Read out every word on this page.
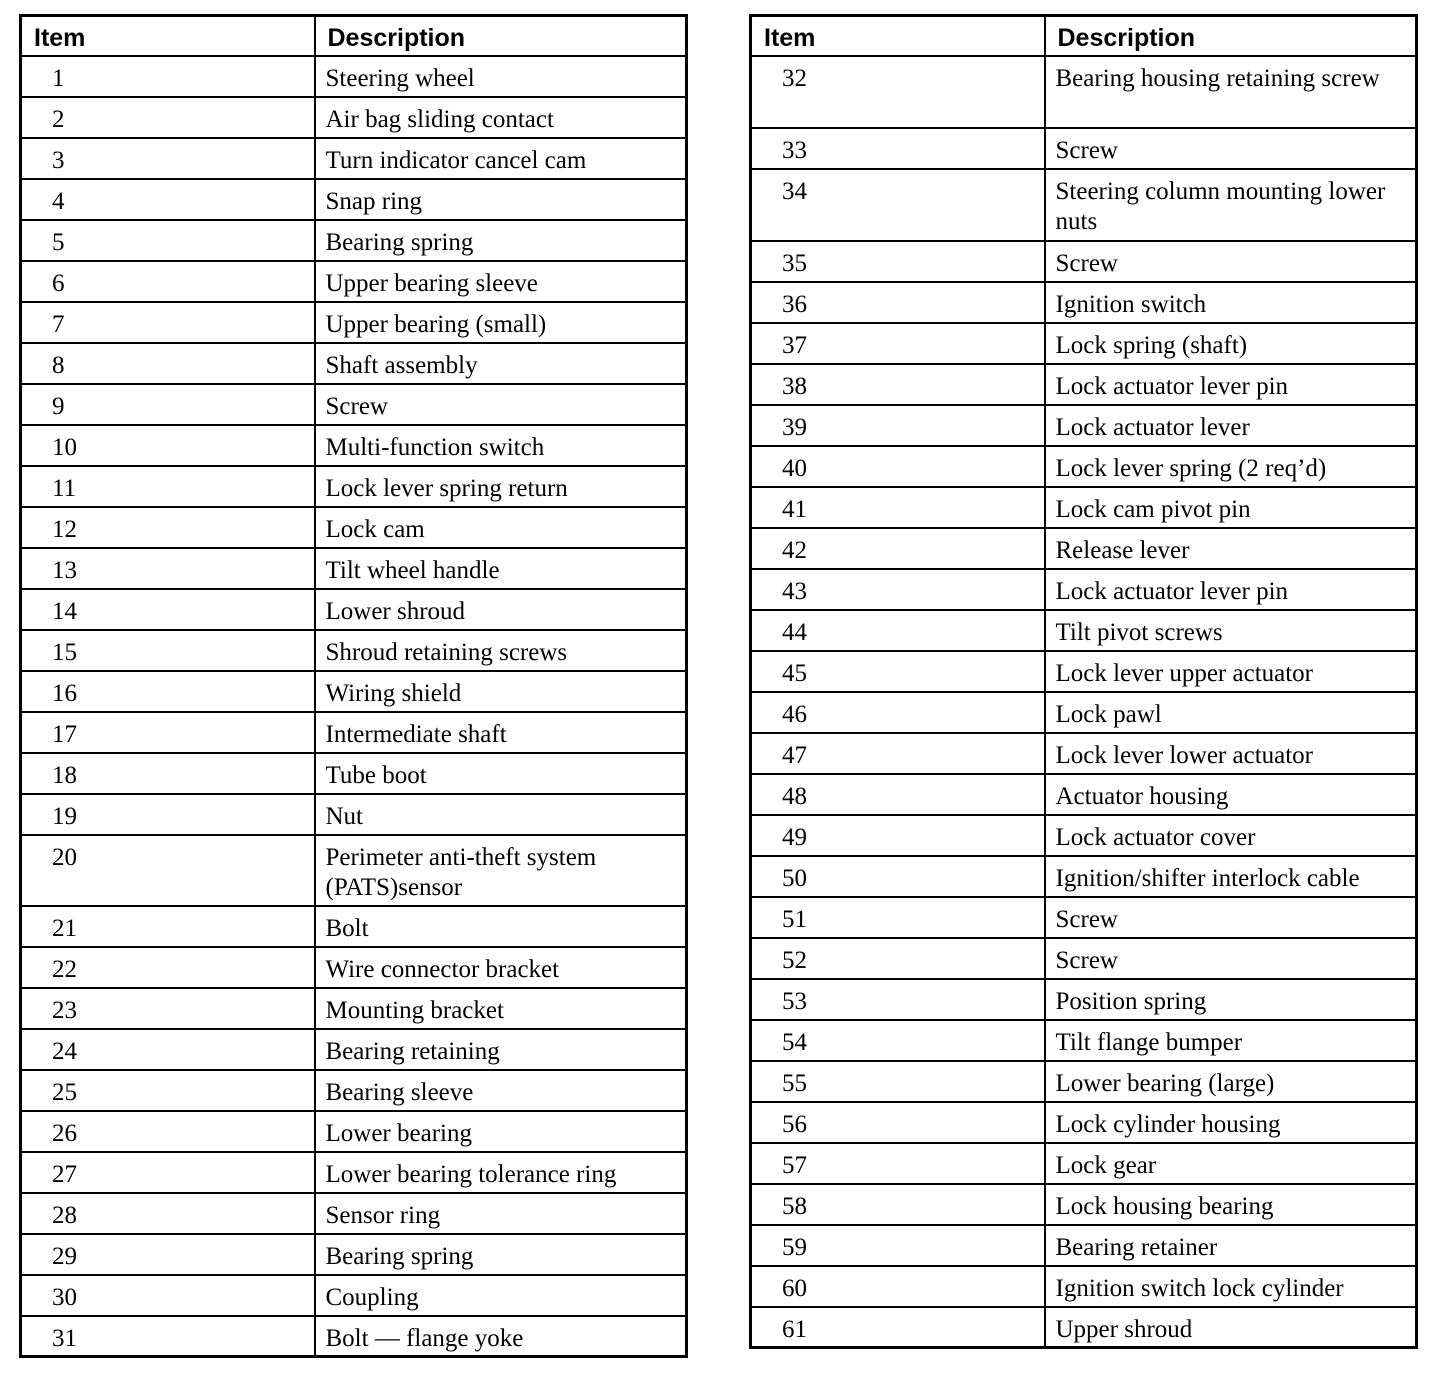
Item	Description
1	Steering wheel
2	Air bag sliding contact
3	Turn indicator cancel cam
4	Snap ring
5	Bearing spring
6	Upper bearing sleeve
7	Upper bearing (small)
8	Shaft assembly
9	Screw
10	Multi-function switch
11	Lock lever spring return
12	Lock cam
13	Tilt wheel handle
14	Lower shroud
15	Shroud retaining screws
16	Wiring shield
17	Intermediate shaft
18	Tube boot
19	Nut
20	Perimeter anti-theft system (PATS)sensor
21	Bolt
22	Wire connector bracket
23	Mounting bracket
24	Bearing retaining
25	Bearing sleeve
26	Lower bearing
27	Lower bearing tolerance ring
28	Sensor ring
29	Bearing spring
30	Coupling
31	Bolt — flange yoke
Item	Description
32	Bearing housing retaining screw
33	Screw
34	Steering column mounting lower nuts
35	Screw
36	Ignition switch
37	Lock spring (shaft)
38	Lock actuator lever pin
39	Lock actuator lever
40	Lock lever spring (2 req’d)
41	Lock cam pivot pin
42	Release lever
43	Lock actuator lever pin
44	Tilt pivot screws
45	Lock lever upper actuator
46	Lock pawl
47	Lock lever lower actuator
48	Actuator housing
49	Lock actuator cover
50	Ignition/shifter interlock cable
51	Screw
52	Screw
53	Position spring
54	Tilt flange bumper
55	Lower bearing (large)
56	Lock cylinder housing
57	Lock gear
58	Lock housing bearing
59	Bearing retainer
60	Ignition switch lock cylinder
61	Upper shroud
